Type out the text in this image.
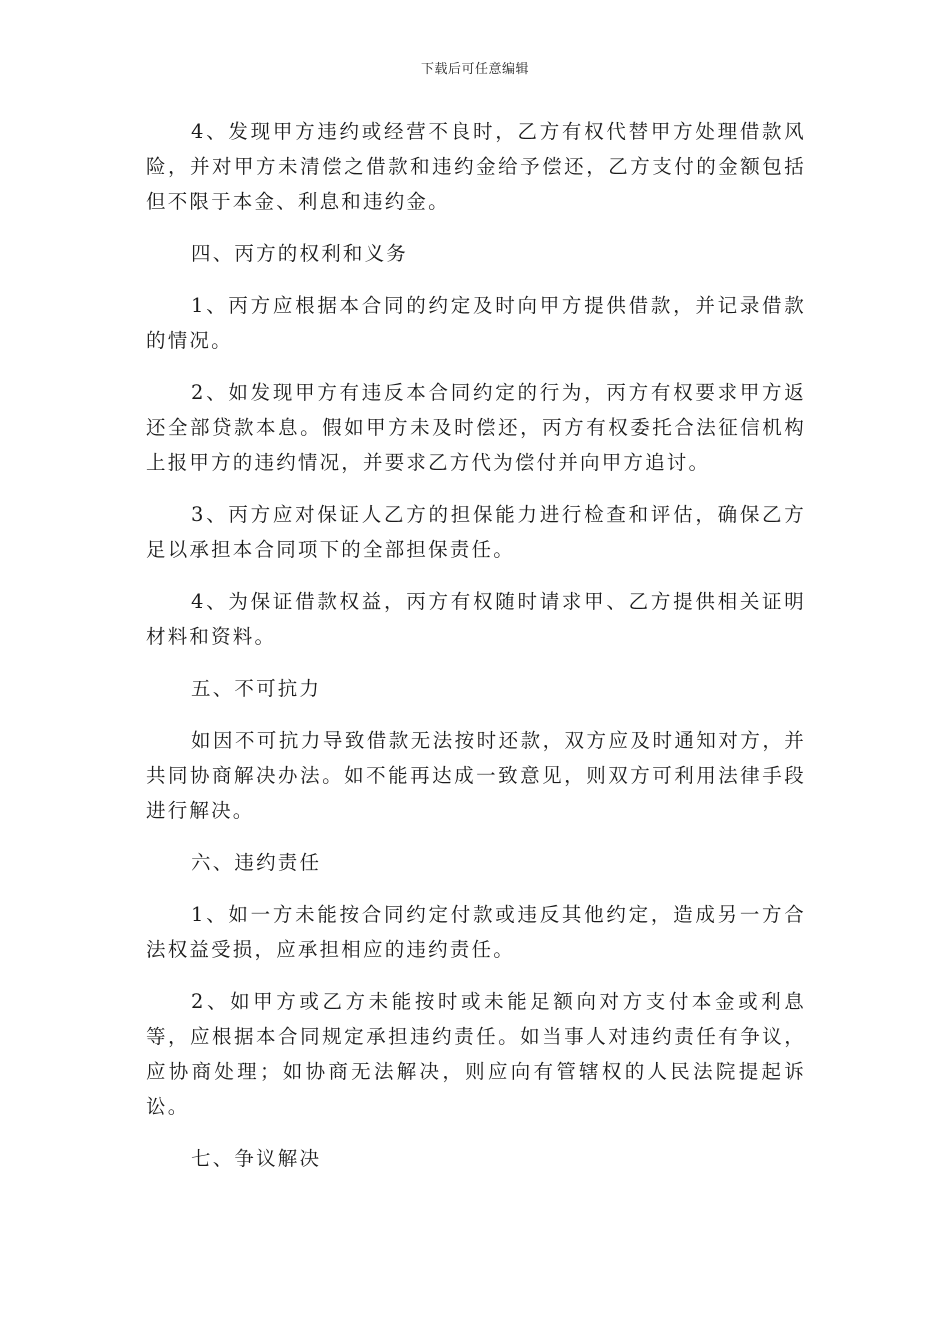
下载后可任意编辑

4、发现甲方违约或经营不良时，乙方有权代替甲方处理借款风险，并对甲方未清偿之借款和违约金给予偿还，乙方支付的金额包括但不限于本金、利息和违约金。

四、丙方的权利和义务

1、丙方应根据本合同的约定及时向甲方提供借款，并记录借款的情况。

2、如发现甲方有违反本合同约定的行为，丙方有权要求甲方返还全部贷款本息。假如甲方未及时偿还，丙方有权委托合法征信机构上报甲方的违约情况，并要求乙方代为偿付并向甲方追讨。

3、丙方应对保证人乙方的担保能力进行检查和评估，确保乙方足以承担本合同项下的全部担保责任。

4、为保证借款权益，丙方有权随时请求甲、乙方提供相关证明材料和资料。

五、不可抗力

如因不可抗力导致借款无法按时还款，双方应及时通知对方，并共同协商解决办法。如不能再达成一致意见，则双方可利用法律手段进行解决。

六、违约责任

1、如一方未能按合同约定付款或违反其他约定，造成另一方合法权益受损，应承担相应的违约责任。

2、如甲方或乙方未能按时或未能足额向对方支付本金或利息等，应根据本合同规定承担违约责任。如当事人对违约责任有争议，应协商处理；如协商无法解决，则应向有管辖权的人民法院提起诉讼。

七、争议解决
